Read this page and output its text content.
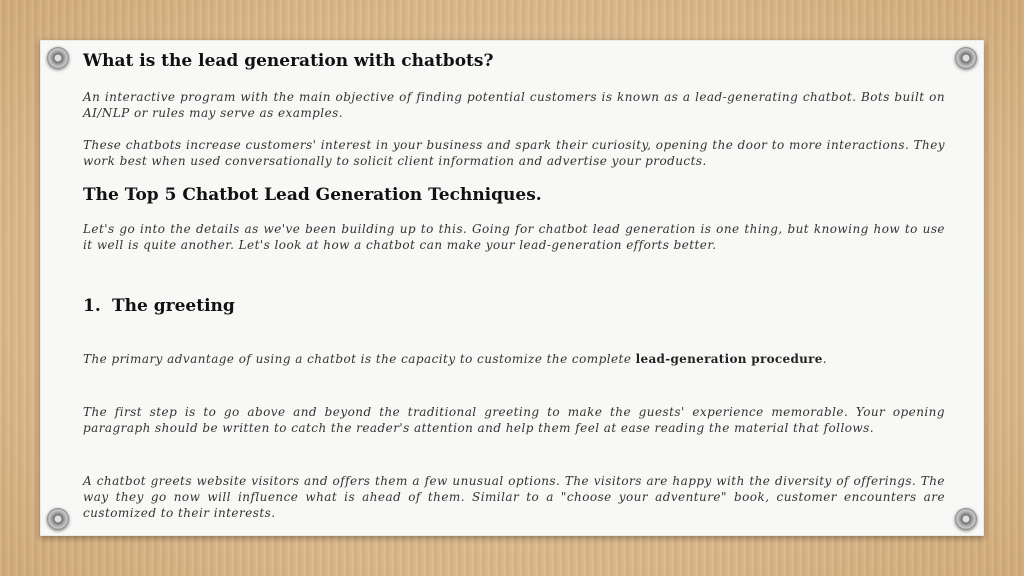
What is the lead generation with chatbots?

An interactive program with the main objective of finding potential customers is known as a lead-generating chatbot. Bots built on AI/NLP or rules may serve as examples.

These chatbots increase customers' interest in your business and spark their curiosity, opening the door to more interactions. They work best when used conversationally to solicit client information and advertise your products.

The Top 5 Chatbot Lead Generation Techniques.

Let's go into the details as we've been building up to this. Going for chatbot lead generation is one thing, but knowing how to use it well is quite another. Let's look at how a chatbot can make your lead-generation efforts better.

1. The greeting

The primary advantage of using a chatbot is the capacity to customize the complete lead-generation procedure.

The first step is to go above and beyond the traditional greeting to make the guests' experience memorable. Your opening paragraph should be written to catch the reader's attention and help them feel at ease reading the material that follows.

A chatbot greets website visitors and offers them a few unusual options. The visitors are happy with the diversity of offerings. The way they go now will influence what is ahead of them. Similar to a "choose your adventure" book, customer encounters are customized to their interests.
